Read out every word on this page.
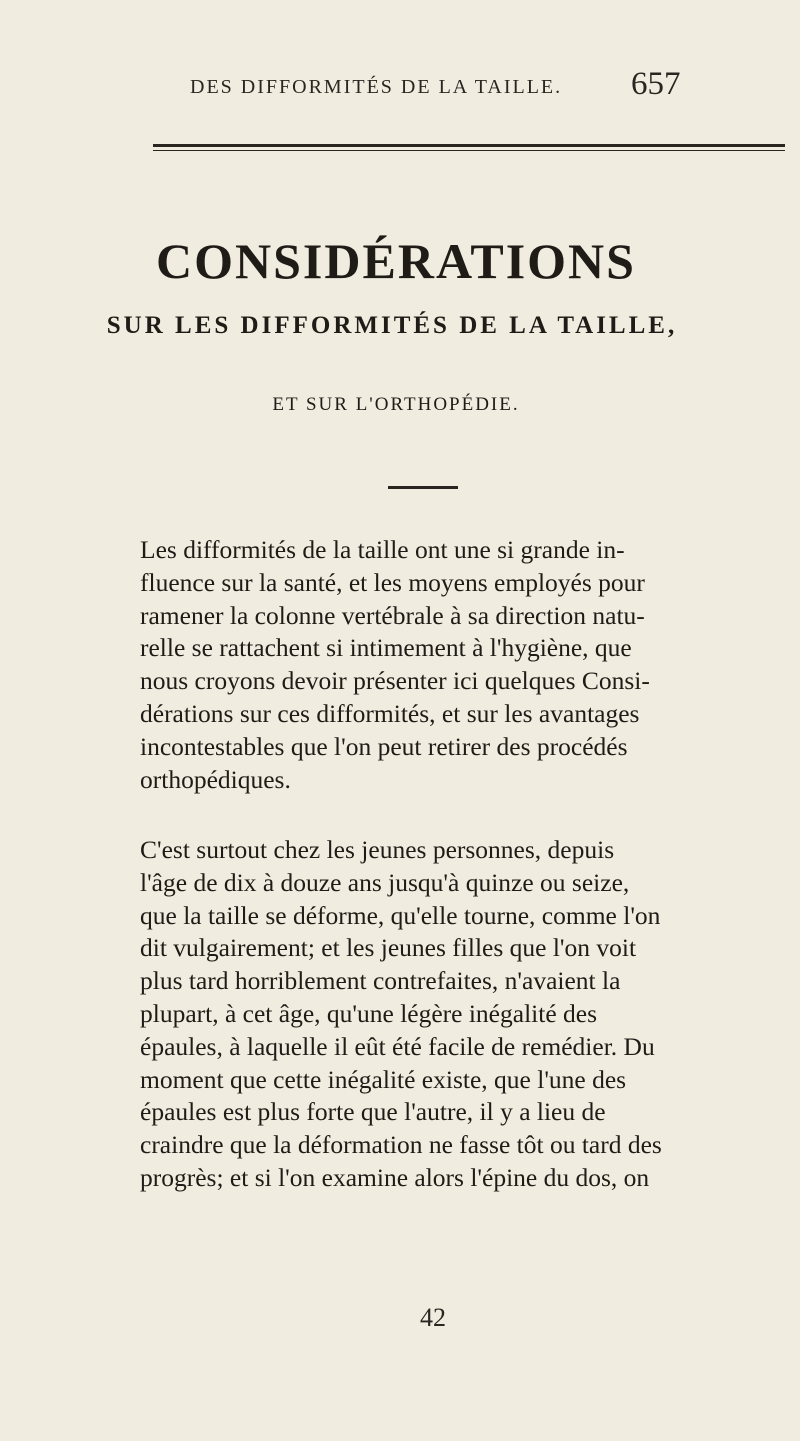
DES DIFFORMITÉS DE LA TAILLE.	657
CONSIDÉRATIONS
SUR LES DIFFORMITÉS DE LA TAILLE,
ET SUR L'ORTHOPÉDIE.
Les difformités de la taille ont une si grande in-
fluence sur la santé, et les moyens employés pour
ramener la colonne vertébrale à sa direction natu-
relle se rattachent si intimement à l'hygiène, que
nous croyons devoir présenter ici quelques Consi-
dérations sur ces difformités, et sur les avantages
incontestables que l'on peut retirer des procédés
orthopédiques.
C'est surtout chez les jeunes personnes, depuis
l'âge de dix à douze ans jusqu'à quinze ou seize,
que la taille se déforme, qu'elle tourne, comme l'on
dit vulgairement; et les jeunes filles que l'on voit
plus tard horriblement contrefaites, n'avaient la
plupart, à cet âge, qu'une légère inégalité des
épaules, à laquelle il eût été facile de remédier. Du
moment que cette inégalité existe, que l'une des
épaules est plus forte que l'autre, il y a lieu de
craindre que la déformation ne fasse tôt ou tard des
progrès; et si l'on examine alors l'épine du dos, on
42
